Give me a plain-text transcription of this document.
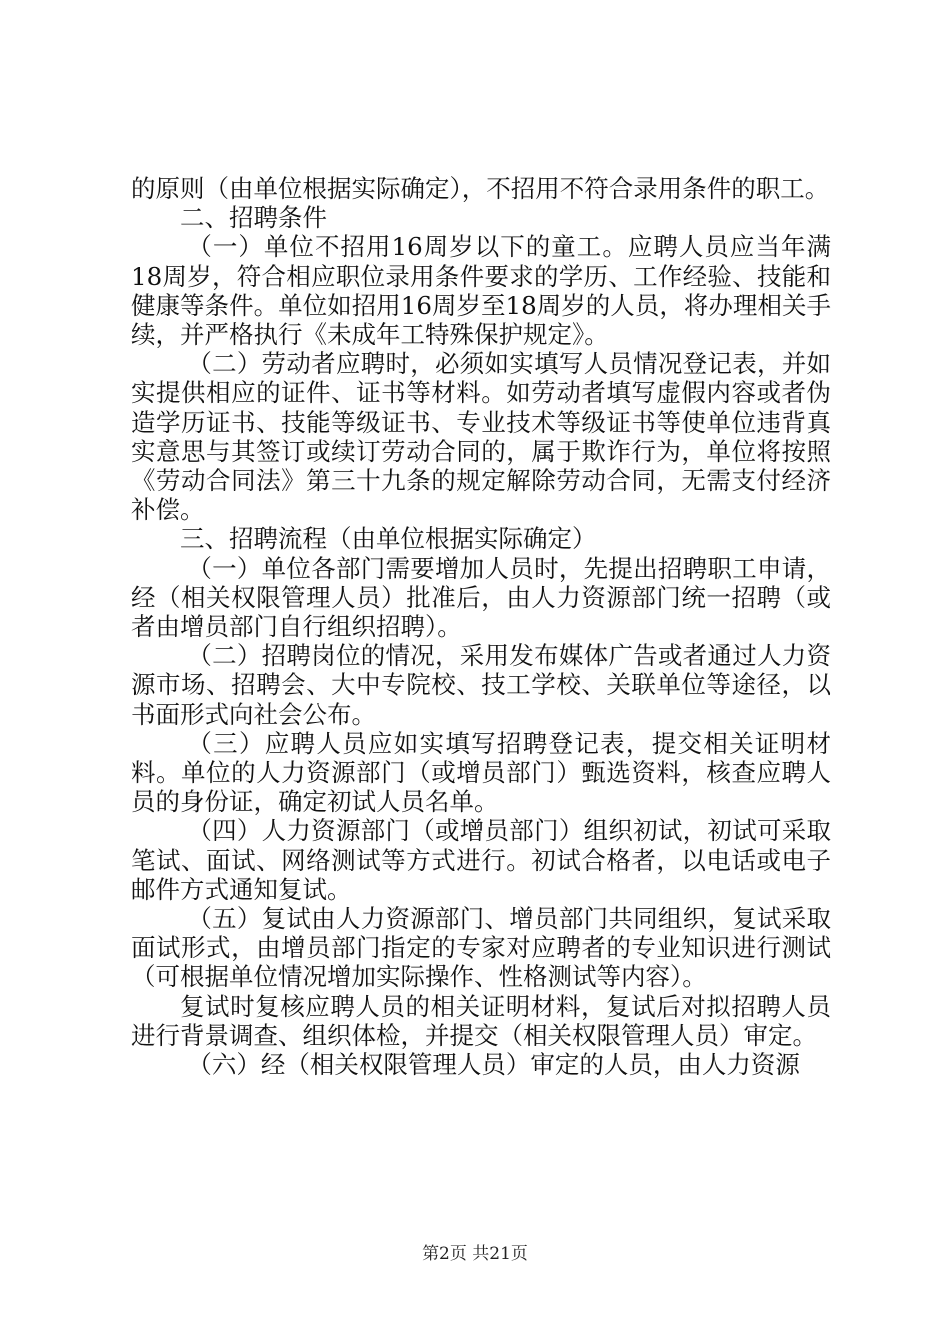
的原则（由单位根据实际确定），不招用不符合录用条件的职工。

二、招聘条件

（一）单位不招用16周岁以下的童工。应聘人员应当年满18周岁，符合相应职位录用条件要求的学历、工作经验、技能和健康等条件。单位如招用16周岁至18周岁的人员，将办理相关手续，并严格执行《未成年工特殊保护规定》。

（二）劳动者应聘时，必须如实填写人员情况登记表，并如实提供相应的证件、证书等材料。如劳动者填写虚假内容或者伪造学历证书、技能等级证书、专业技术等级证书等使单位违背真实意思与其签订或续订劳动合同的，属于欺诈行为，单位将按照《劳动合同法》第三十九条的规定解除劳动合同，无需支付经济补偿。

三、招聘流程（由单位根据实际确定）

（一）单位各部门需要增加人员时，先提出招聘职工申请，经（相关权限管理人员）批准后，由人力资源部门统一招聘（或者由增员部门自行组织招聘）。

（二）招聘岗位的情况，采用发布媒体广告或者通过人力资源市场、招聘会、大中专院校、技工学校、关联单位等途径，以书面形式向社会公布。

（三）应聘人员应如实填写招聘登记表，提交相关证明材料。单位的人力资源部门（或增员部门）甄选资料，核查应聘人员的身份证，确定初试人员名单。

（四）人力资源部门（或增员部门）组织初试，初试可采取笔试、面试、网络测试等方式进行。初试合格者，以电话或电子邮件方式通知复试。

（五）复试由人力资源部门、增员部门共同组织，复试采取面试形式，由增员部门指定的专家对应聘者的专业知识进行测试（可根据单位情况增加实际操作、性格测试等内容）。

复试时复核应聘人员的相关证明材料，复试后对拟招聘人员进行背景调查、组织体检，并提交（相关权限管理人员）审定。

（六）经（相关权限管理人员）审定的人员，由人力资源

第2页 共21页
